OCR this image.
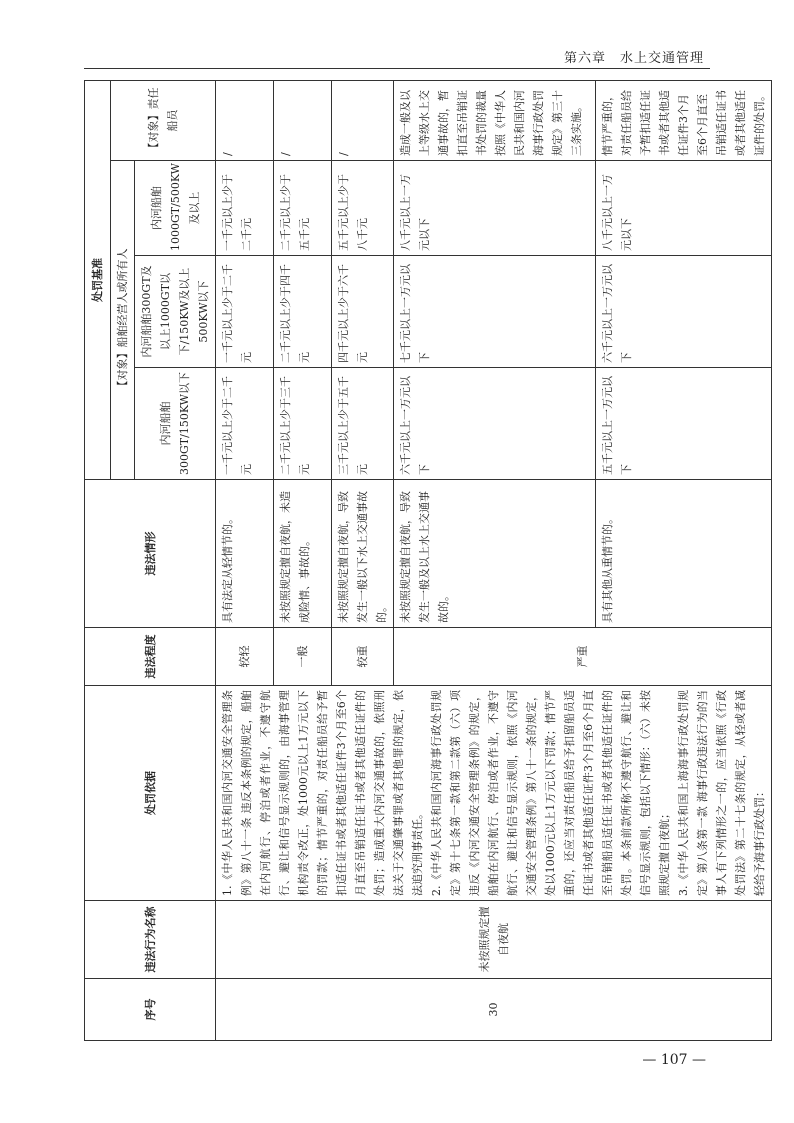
第六章　水上交通管理
序号	违法行为名称	处罚依据	违法程度	违法情形	处罚基准			
					【对象】船舶经营人或所有人			【对象】责任船员
					内河船舶300GT/150KW以下	内河船舶300GT及以上1000GT以下/150KW及以上500KW以下	内河船舶1000GT/500KW及以上	
30	未按照规定擅自夜航	1.《中华人民共和国内河交通安全管理条例》第八十一条 违反本条例的规定，船舶在内河航行、停泊或者作业，不遵守航行、避让和信号显示规则的，由海事管理机构责令改正，处1000元以上1万元以下的罚款；情节严重的，对责任船员给予暂扣适任证书或者其他适任证件3个月至6个月直至吊销适任证书或者其他适任证件的处罚；造成重大内河交通事故的，依照刑法关于交通肇事罪或者其他罪的规定，依法追究刑事责任。 2.《中华人民共和国内河海事行政处罚规定》第十七条第一款和第二款第（六）项 违反《内河交通安全管理条例》的规定，船舶在内河航行、停泊或者作业，不遵守航行、避让和信号显示规则，依照《内河交通安全管理条例》第八十一条的规定，处以1000元以上1万元以下罚款；情节严重的，还应当对责任船员给予扣留船员适任证书或者其他适任证件3个月至6个月直至吊销船员适任证书或者其他适任证件的处罚。本条前款所称不遵守航行、避让和信号显示规则，包括以下情形：（六）未按照规定擅自夜航； 3.《中华人民共和国上海海事行政处罚规定》第八条第一款 海事行政违法行为的当事人有下列情形之一的，应当依照《行政处罚法》第二十七条的规定，从轻或者减轻给予海事行政处罚：	较轻	具有法定从轻情节的。	一千元以上少于二千元	一千元以上少于二千元	一千元以上少于二千元	/
			一般	未按照规定擅自夜航，未造成险情、事故的。	二千元以上少于三千元	二千元以上少于四千元	二千元以上少于五千元	/
			较重	未按照规定擅自夜航，导致发生一般以下水上交通事故的。	三千元以上少于五千元	四千元以上少于六千元	五千元以上少于八千元	/
			严重	未按照规定擅自夜航，导致发生一般及以上水上交通事故的。	六千元以上一万元以下	七千元以上一万元以下	八千元以上一万元以下	造成一般及以上等级水上交通事故的，暂扣直至吊销证书处罚的裁量按照《中华人民共和国内河海事行政处罚规定》第三十三条实施。
				具有其他从重情节的。	五千元以上一万元以下	六千元以上一万元以下	八千元以上一万元以下	情节严重的，对责任船员给予暂扣适任证书或者其他适任证件3个月至6个月直至吊销适任证书或者其他适任证件的处罚。
— 107 —
